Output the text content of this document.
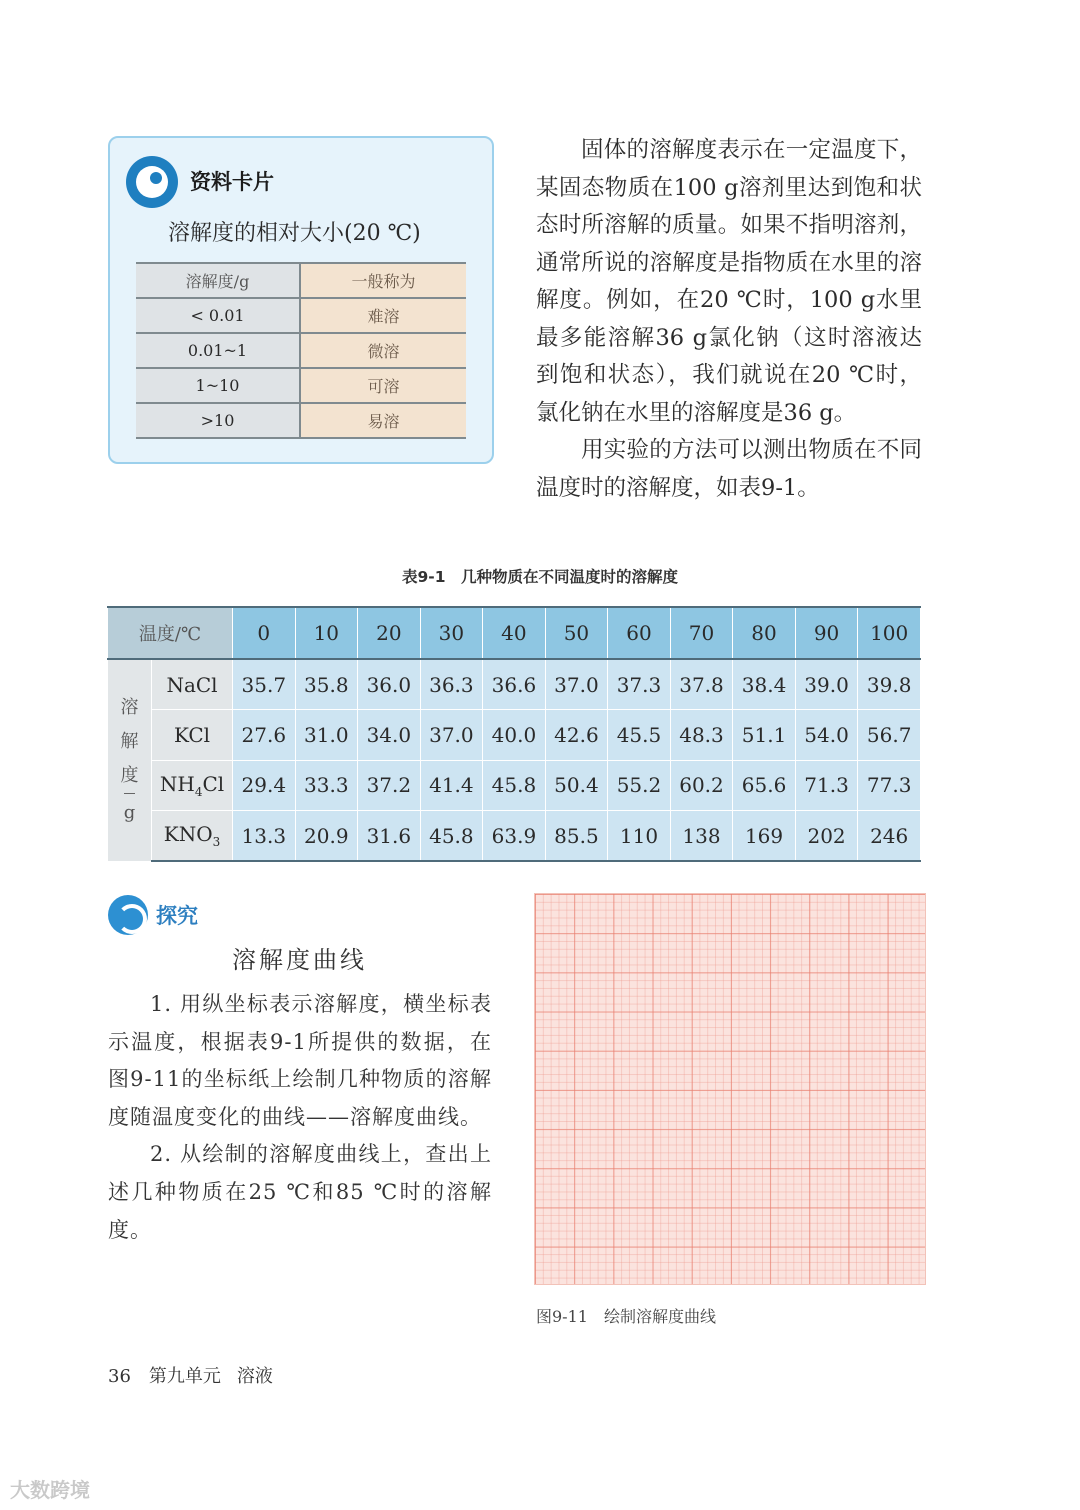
资料卡片
溶解度的相对大小(20 ℃)
溶解度/g	一般称为
< 0.01	难溶
0.01~1	微溶
1~10	可溶
>10	易溶

固体的溶解度表示在一定温度下，某固态物质在100 g溶剂里达到饱和状态时所溶解的质量。如果不指明溶剂，通常所说的溶解度是指物质在水里的溶解度。例如，在20 ℃时，100 g水里最多能溶解36 g氯化钠（这时溶液达到饱和状态），我们就说在20 ℃时，氯化钠在水里的溶解度是36 g。

用实验的方法可以测出物质在不同温度时的溶解度，如表9-1。

表9-1　几种物质在不同温度时的溶解度
温度/℃		0	10	20	30	40	50	60	70	80	90	100
溶
解
度
g	NaCl	35.7	35.8	36.0	36.3	36.6	37.0	37.3	37.8	38.4	39.0	39.8
	KCl	27.6	31.0	34.0	37.0	40.0	42.6	45.5	48.3	51.1	54.0	56.7
	$NH_4Cl$	29.4	33.3	37.2	41.4	45.8	50.4	55.2	60.2	65.6	71.3	77.3
	$KNO_3$	13.3	20.9	31.6	45.8	63.9	85.5	110	138	169	202	246
探究
溶解度曲线

1. 用纵坐标表示溶解度，横坐标表示温度，根据表9-1所提供的数据，在图9-11的坐标纸上绘制几种物质的溶解度随温度变化的曲线——溶解度曲线。

2. 从绘制的溶解度曲线上，查出上述几种物质在25 ℃和85 ℃时的溶解度。

图9-11　绘制溶解度曲线
36 第九单元 溶液
大数跨境
